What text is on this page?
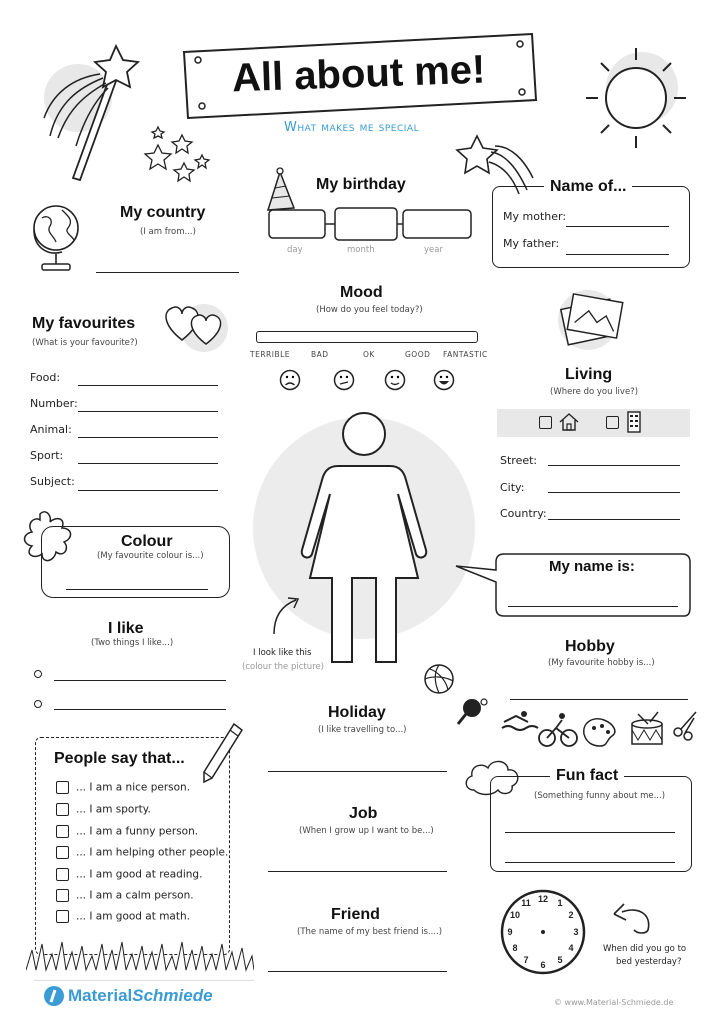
All about me!
What makes me special
My country
(I am from...)
My birthday
day	month	year
Name of...
My mother:
My father:
My favourites
(What is your favourite?)
Food:
Number:
Animal:
Sport:
Subject:
Mood
(How do you feel today?)
TERRIBLE	BAD	OK	GOOD FANTASTIC
Living
(Where do you live?)
Street:
City:
Country:
I look like this
(colour the picture)
Colour
(My favourite colour is...)
My name is:
I like
(Two things I like...)	Hobby
(My favourite hobby is...)
Holiday
(I like travelling to...)
People say that...
... I am a nice person.
... I am sporty.
... I am a funny person.
... I am helping other people.
... I am good at reading.
... I am a calm person.
... I am good at math.
Fun fact
(Something funny about me...)
Job
(When I grow up I want to be...)
Friend
(The name of my best friend is....)
12 1
2
3
4
5
6
7
8
9
10
11
When did you go to
bed yesterday?
MaterialSchmiede	© www.Material-Schmiede.de
